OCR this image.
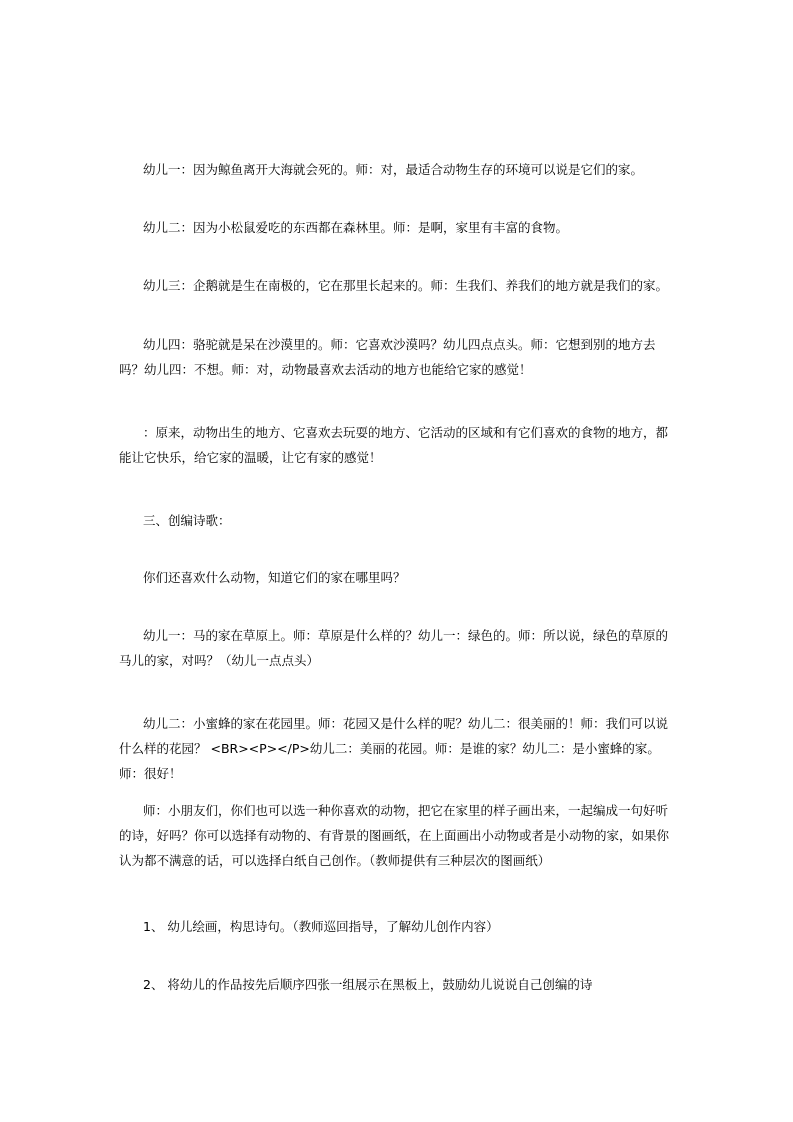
幼儿一：因为鲸鱼离开大海就会死的。师：对，最适合动物生存的环境可以说是它们的家。

幼儿二：因为小松鼠爱吃的东西都在森林里。师：是啊，家里有丰富的食物。

幼儿三：企鹅就是生在南极的，它在那里长起来的。师：生我们、养我们的地方就是我们的家。

幼儿四：骆驼就是呆在沙漠里的。师：它喜欢沙漠吗？幼儿四点点头。师：它想到别的地方去吗？幼儿四：不想。师：对，动物最喜欢去活动的地方也能给它家的感觉！

：原来，动物出生的地方、它喜欢去玩耍的地方、它活动的区域和有它们喜欢的食物的地方，都能让它快乐，给它家的温暖，让它有家的感觉！

三、创编诗歌：

你们还喜欢什么动物，知道它们的家在哪里吗？

幼儿一：马的家在草原上。师：草原是什么样的？幼儿一：绿色的。师：所以说，绿色的草原的马儿的家，对吗？（幼儿一点点头）

幼儿二：小蜜蜂的家在花园里。师：花园又是什么样的呢？幼儿二：很美丽的！师：我们可以说什么样的花园？ <BR><P></P>幼儿二：美丽的花园。师：是谁的家？幼儿二：是小蜜蜂的家。师：很好！

师：小朋友们，你们也可以选一种你喜欢的动物，把它在家里的样子画出来，一起编成一句好听的诗，好吗？你可以选择有动物的、有背景的图画纸，在上面画出小动物或者是小动物的家，如果你认为都不满意的话，可以选择白纸自己创作。（教师提供有三种层次的图画纸）

1、 幼儿绘画，构思诗句。（教师巡回指导，了解幼儿创作内容）

2、 将幼儿的作品按先后顺序四张一组展示在黑板上，鼓励幼儿说说自己创编的诗
